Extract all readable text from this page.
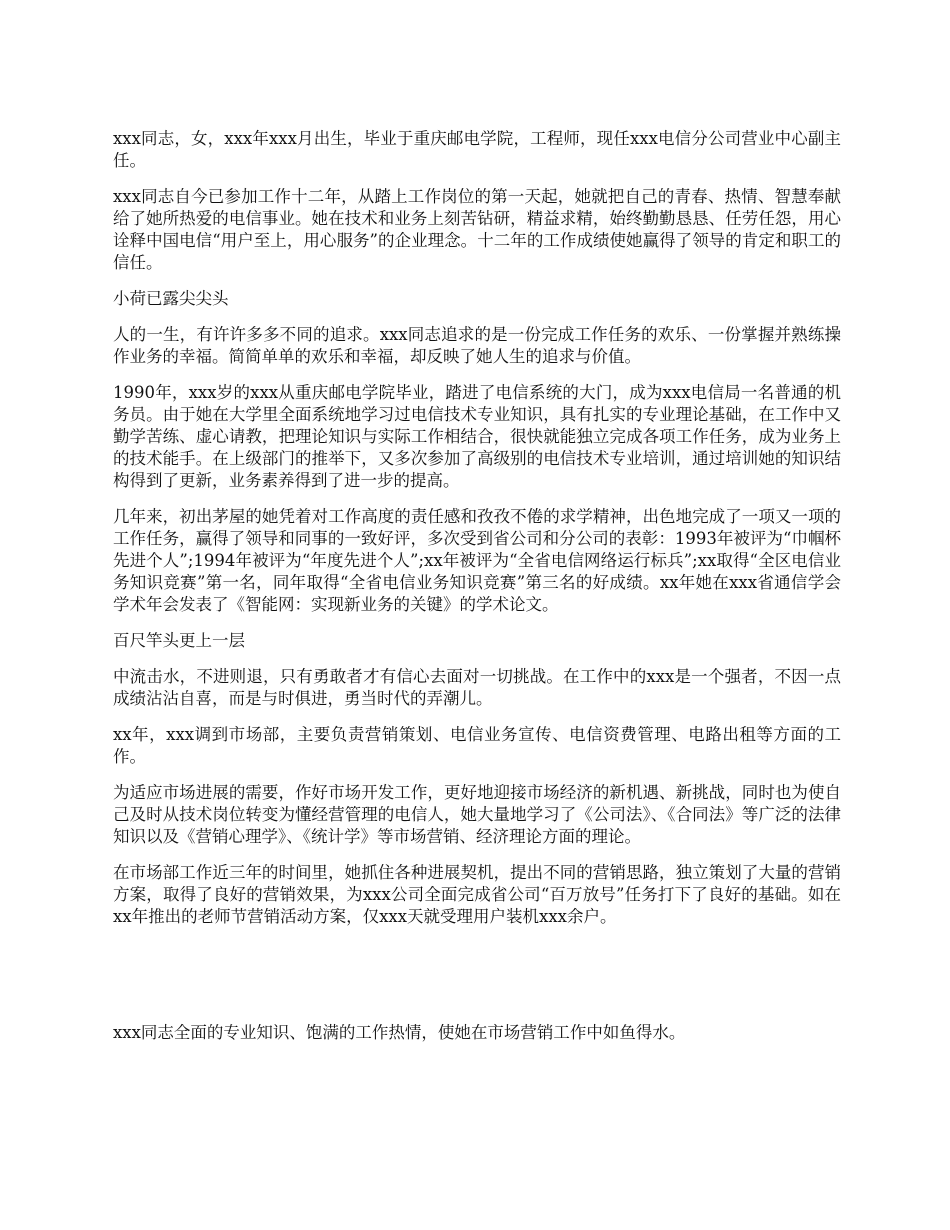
xxx同志，女，xxx年xxx月出生，毕业于重庆邮电学院，工程师，现任xxx电信分公司营业中心副主任。

xxx同志自今已参加工作十二年，从踏上工作岗位的第一天起，她就把自己的青春、热情、智慧奉献给了她所热爱的电信事业。她在技术和业务上刻苦钻研，精益求精，始终勤勤恳恳、任劳任怨，用心诠释中国电信“用户至上，用心服务”的企业理念。十二年的工作成绩使她赢得了领导的肯定和职工的信任。

小荷已露尖尖头

人的一生，有许许多多不同的追求。xxx同志追求的是一份完成工作任务的欢乐、一份掌握并熟练操作业务的幸福。简简单单的欢乐和幸福，却反映了她人生的追求与价值。

1990年，xxx岁的xxx从重庆邮电学院毕业，踏进了电信系统的大门，成为xxx电信局一名普通的机务员。由于她在大学里全面系统地学习过电信技术专业知识，具有扎实的专业理论基础，在工作中又勤学苦练、虚心请教，把理论知识与实际工作相结合，很快就能独立完成各项工作任务，成为业务上的技术能手。在上级部门的推举下，又多次参加了高级别的电信技术专业培训，通过培训她的知识结构得到了更新，业务素养得到了进一步的提高。

几年来，初出茅屋的她凭着对工作高度的责任感和孜孜不倦的求学精神，出色地完成了一项又一项的工作任务，赢得了领导和同事的一致好评，多次受到省公司和分公司的表彰：1993年被评为“巾帼杯先进个人”;1994年被评为“年度先进个人”;xx年被评为“全省电信网络运行标兵”;xx取得“全区电信业务知识竞赛”第一名，同年取得“全省电信业务知识竞赛”第三名的好成绩。xx年她在xxx省通信学会学术年会发表了《智能网：实现新业务的关键》的学术论文。

百尺竿头更上一层

中流击水，不进则退，只有勇敢者才有信心去面对一切挑战。在工作中的xxx是一个强者，不因一点成绩沾沾自喜，而是与时俱进，勇当时代的弄潮儿。

xx年，xxx调到市场部，主要负责营销策划、电信业务宣传、电信资费管理、电路出租等方面的工作。

为适应市场进展的需要，作好市场开发工作，更好地迎接市场经济的新机遇、新挑战，同时也为使自己及时从技术岗位转变为懂经营管理的电信人，她大量地学习了《公司法》、《合同法》等广泛的法律知识以及《营销心理学》、《统计学》等市场营销、经济理论方面的理论。

在市场部工作近三年的时间里，她抓住各种进展契机，提出不同的营销思路，独立策划了大量的营销方案，取得了良好的营销效果，为xxx公司全面完成省公司“百万放号”任务打下了良好的基础。如在xx年推出的老师节营销活动方案，仅xxx天就受理用户装机xxx余户。

xxx同志全面的专业知识、饱满的工作热情，使她在市场营销工作中如鱼得水。
